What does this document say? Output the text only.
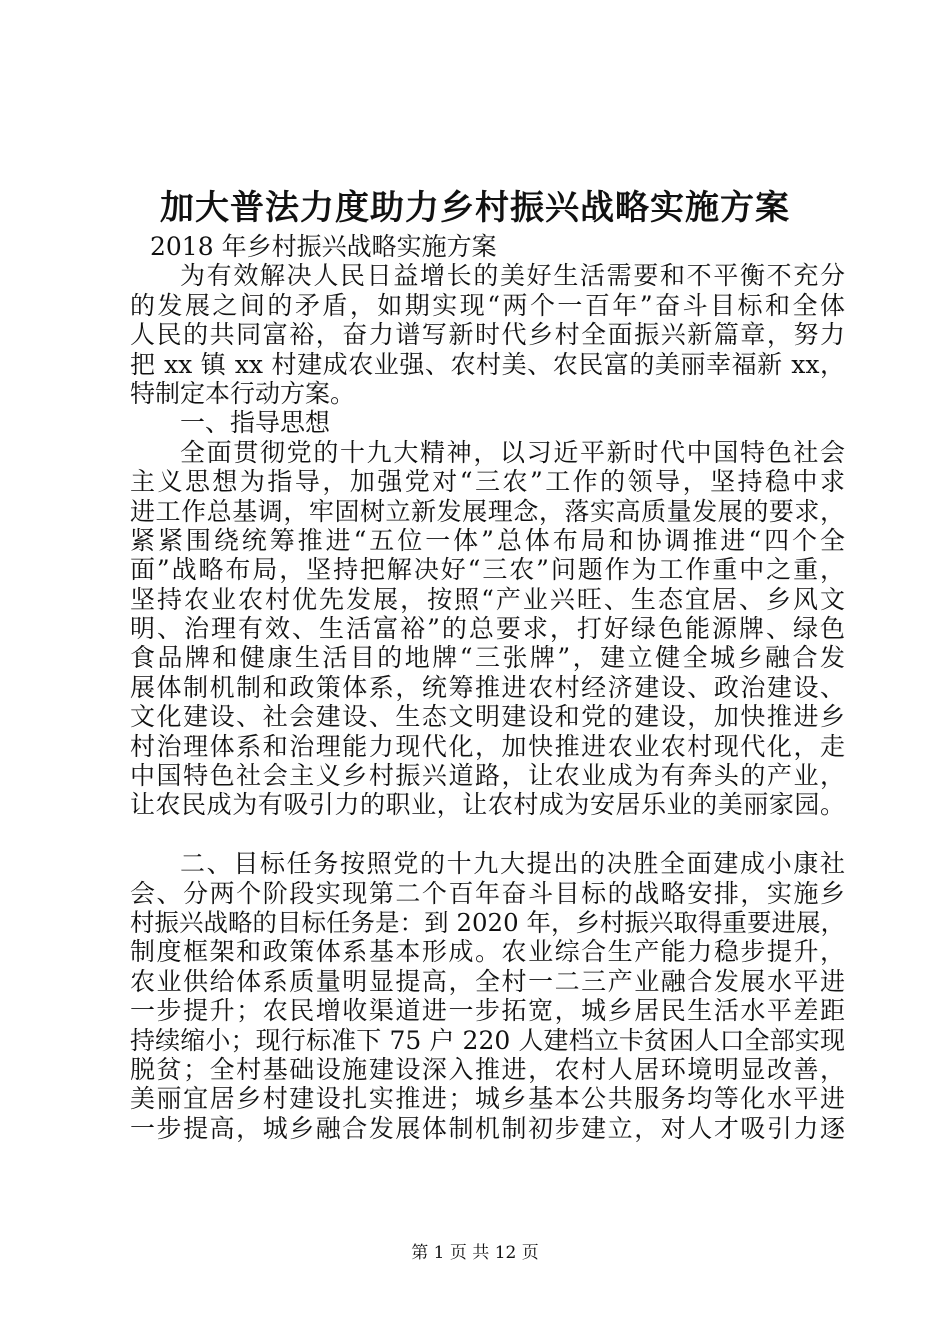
加大普法力度助力乡村振兴战略实施方案
2018 年乡村振兴战略实施方案
为有效解决人民日益增长的美好生活需要和不平衡不充分
的发展之间的矛盾，如期实现“两个一百年”奋斗目标和全体
人民的共同富裕，奋力谱写新时代乡村全面振兴新篇章，努力
把 xx 镇 xx 村建成农业强、农村美、农民富的美丽幸福新 xx，
特制定本行动方案。
一、指导思想
全面贯彻党的十九大精神，以习近平新时代中国特色社会
主义思想为指导，加强党对“三农”工作的领导，坚持稳中求
进工作总基调，牢固树立新发展理念，落实高质量发展的要求，
紧紧围绕统筹推进“五位一体”总体布局和协调推进“四个全
面”战略布局，坚持把解决好“三农”问题作为工作重中之重，
坚持农业农村优先发展，按照“产业兴旺、生态宜居、乡风文
明、治理有效、生活富裕”的总要求，打好绿色能源牌、绿色
食品牌和健康生活目的地牌“三张牌”，建立健全城乡融合发
展体制机制和政策体系，统筹推进农村经济建设、政治建设、
文化建设、社会建设、生态文明建设和党的建设，加快推进乡
村治理体系和治理能力现代化，加快推进农业农村现代化，走
中国特色社会主义乡村振兴道路，让农业成为有奔头的产业，
让农民成为有吸引力的职业，让农村成为安居乐业的美丽家园。
二、目标任务按照党的十九大提出的决胜全面建成小康社
会、分两个阶段实现第二个百年奋斗目标的战略安排，实施乡
村振兴战略的目标任务是：到 2020 年，乡村振兴取得重要进展，
制度框架和政策体系基本形成。农业综合生产能力稳步提升，
农业供给体系质量明显提高，全村一二三产业融合发展水平进
一步提升；农民增收渠道进一步拓宽，城乡居民生活水平差距
持续缩小；现行标准下 75 户 220 人建档立卡贫困人口全部实现
脱贫；全村基础设施建设深入推进，农村人居环境明显改善，
美丽宜居乡村建设扎实推进；城乡基本公共服务均等化水平进
一步提高，城乡融合发展体制机制初步建立，对人才吸引力逐
第 1 页 共 12 页
